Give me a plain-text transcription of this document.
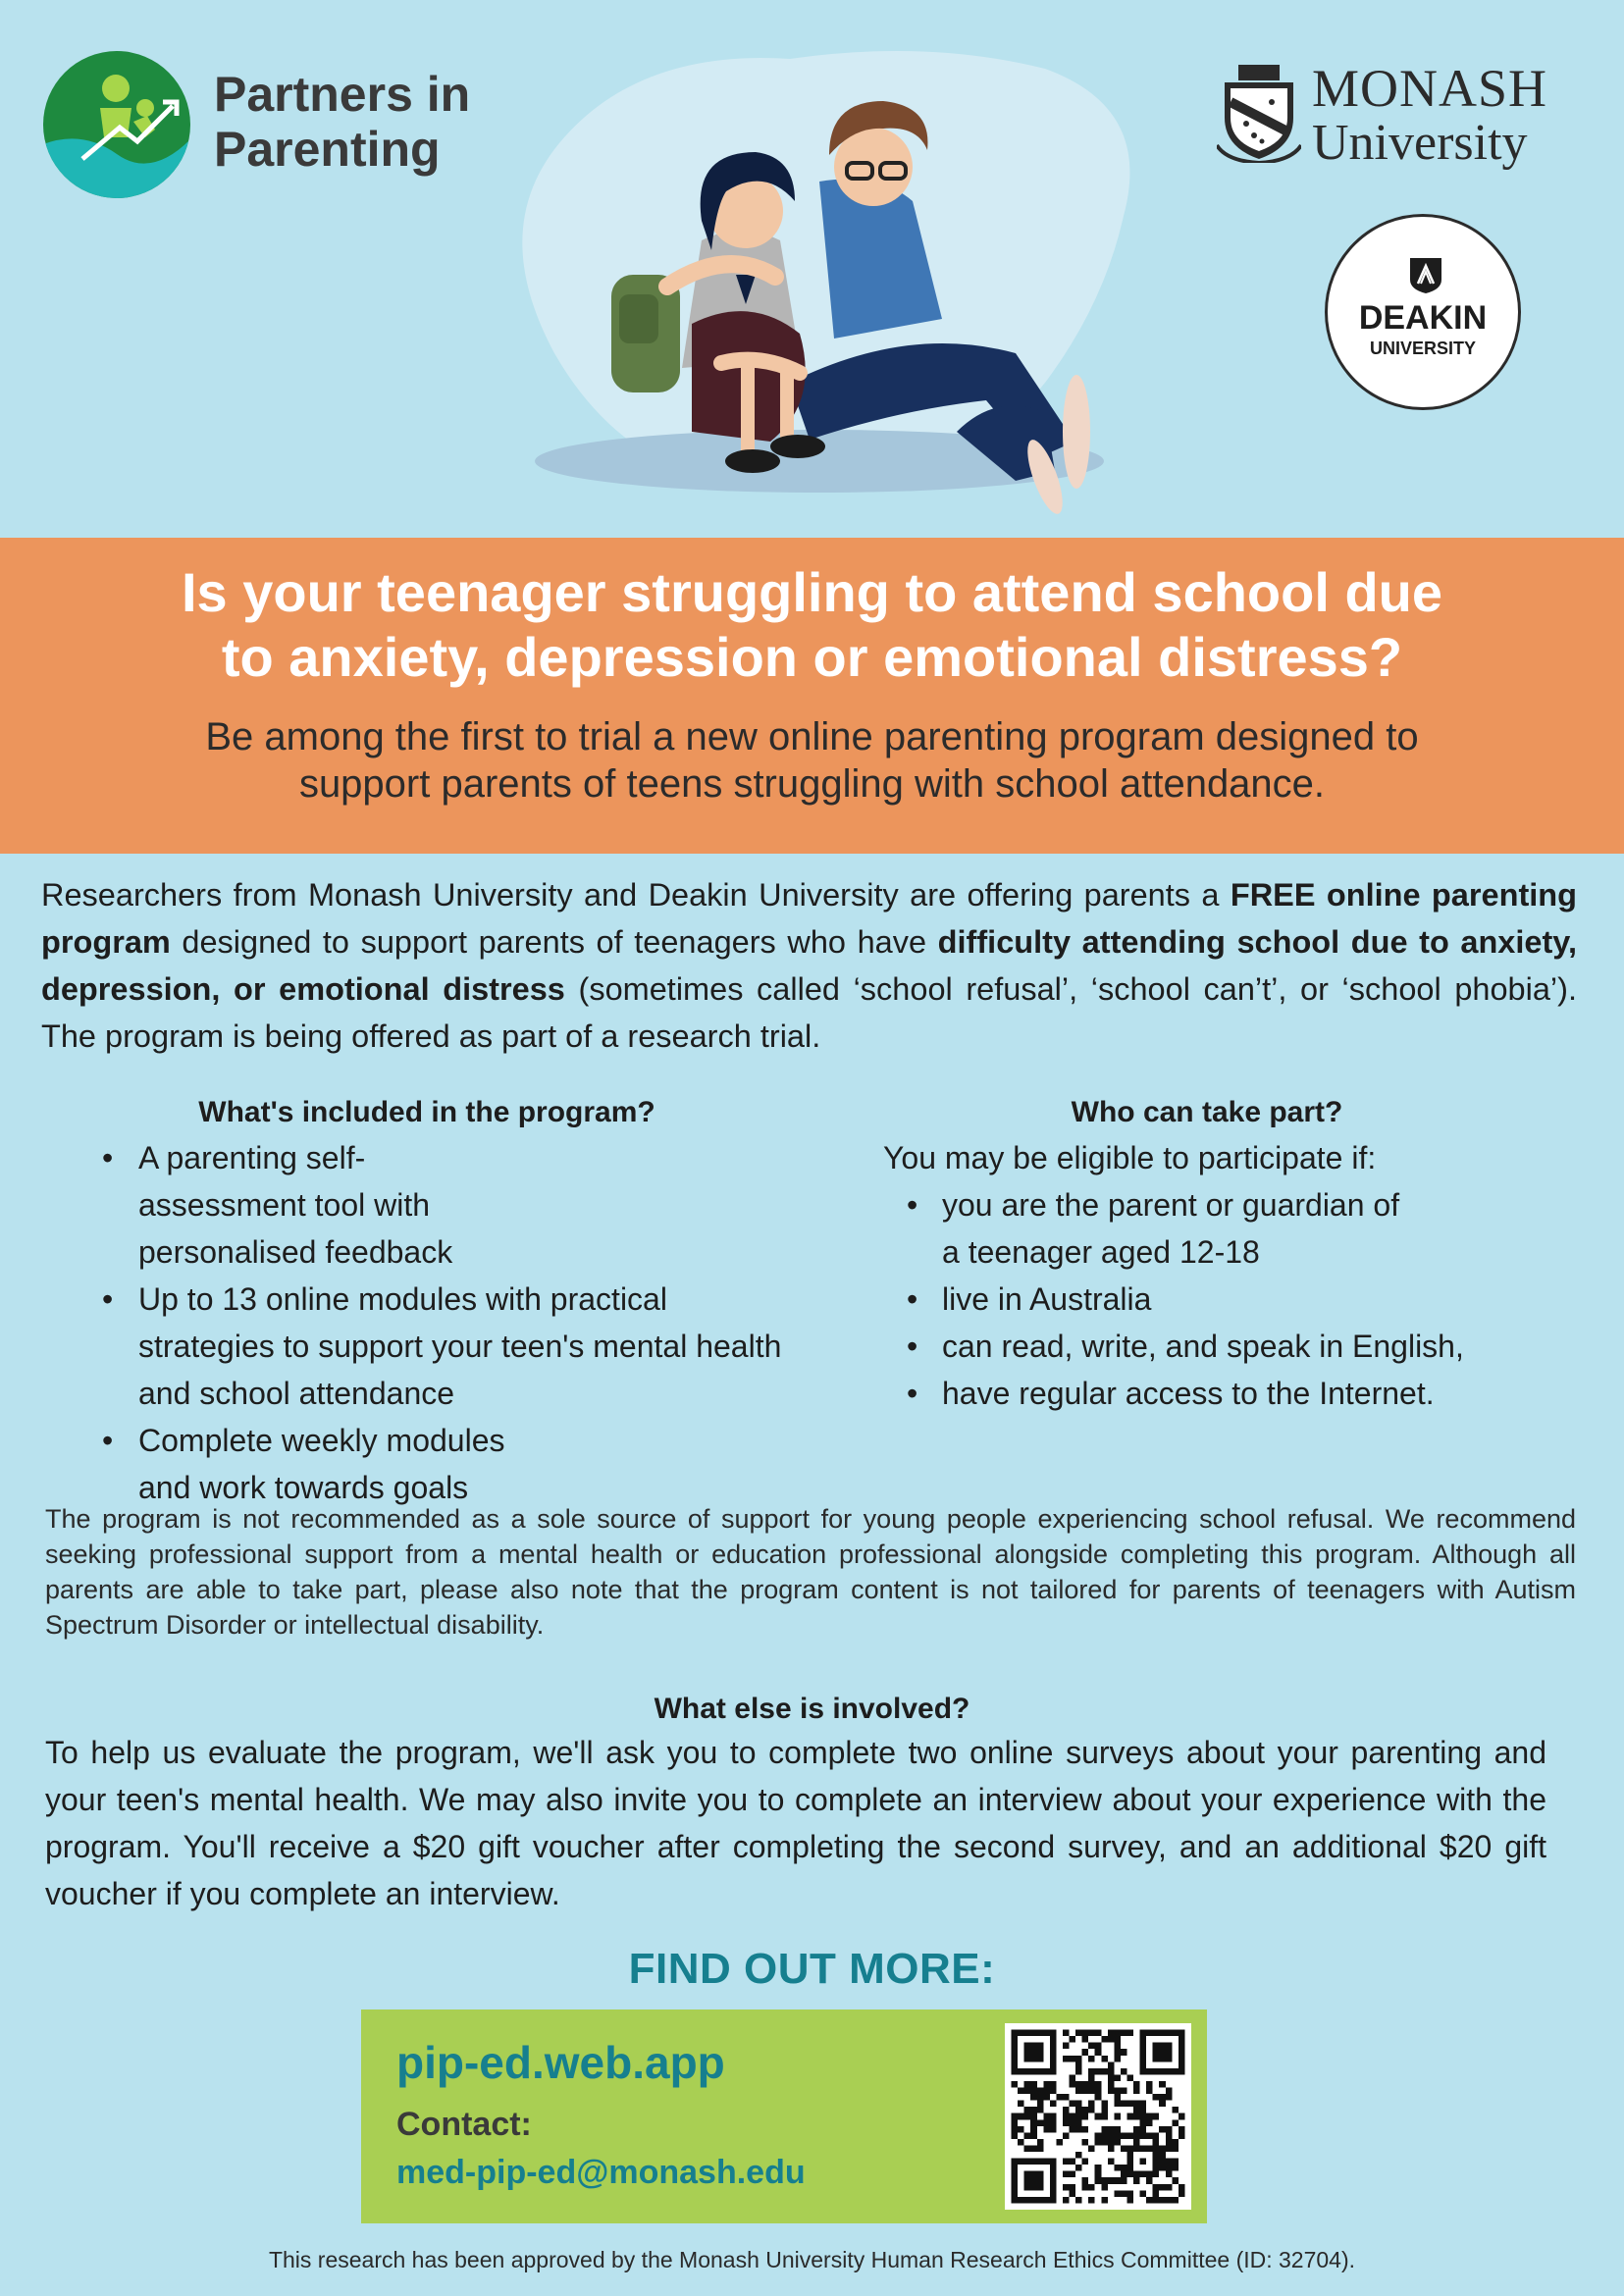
Partners in
Parenting
MONASH
University
DEAKIN
UNIVERSITY
Is your teenager struggling to attend school due
to anxiety, depression or emotional distress?
Be among the first to trial a new online parenting program designed to
support parents of teens struggling with school attendance.
Researchers from Monash University and Deakin University are offering parents a FREE online parenting program designed to support parents of teenagers who have difficulty attending school due to anxiety, depression, or emotional distress (sometimes called ‘school refusal’, ‘school can’t’, or ‘school phobia’). The program is being offered as part of a research trial.
What's included in the program?
• A parenting self-assessment tool with personalised feedback
• Up to 13 online modules with practical strategies to support your teen's mental health and school attendance
• Complete weekly modules and work towards goals
Who can take part?
You may be eligible to participate if:
• you are the parent or guardian of a teenager aged 12-18
• live in Australia
• can read, write, and speak in English,
• have regular access to the Internet.
The program is not recommended as a sole source of support for young people experiencing school refusal. We recommend seeking professional support from a mental health or education professional alongside completing this program. Although all parents are able to take part, please also note that the program content is not tailored for parents of teenagers with Autism Spectrum Disorder or intellectual disability.
What else is involved?
To help us evaluate the program, we'll ask you to complete two online surveys about your parenting and your teen's mental health. We may also invite you to complete an interview about your experience with the program. You'll receive a $20 gift voucher after completing the second survey, and an additional $20 gift voucher if you complete an interview.
FIND OUT MORE:
pip-ed.web.app
Contact:
med-pip-ed@monash.edu
This research has been approved by the Monash University Human Research Ethics Committee (ID: 32704).
